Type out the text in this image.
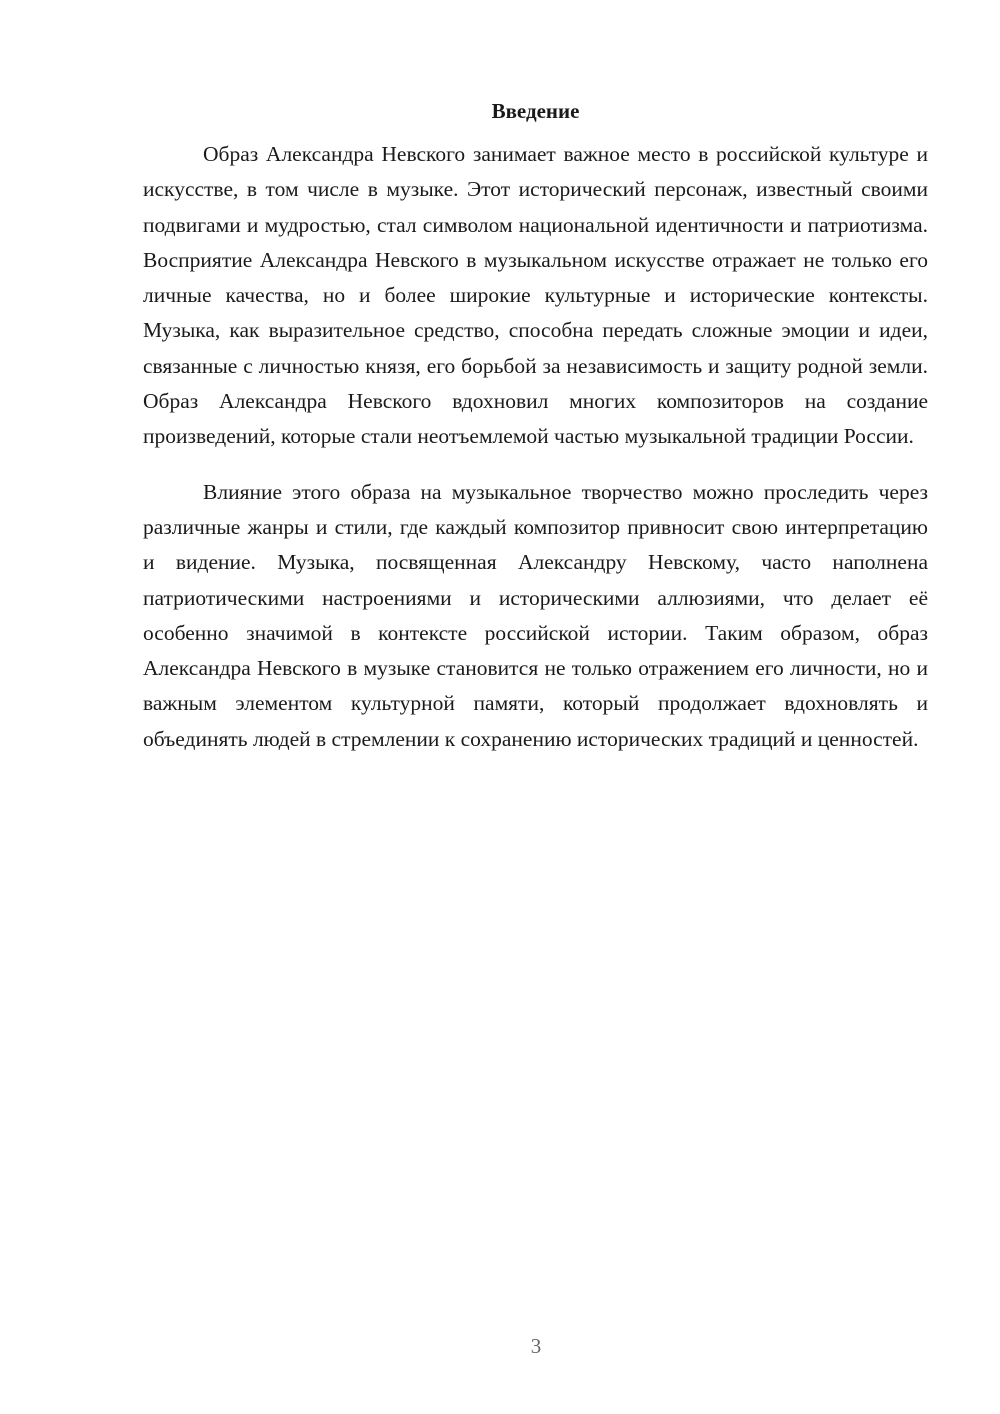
Введение

Образ Александра Невского занимает важное место в российской культуре и искусстве, в том числе в музыке. Этот исторический персонаж, известный своими подвигами и мудростью, стал символом национальной идентичности и патриотизма. Восприятие Александра Невского в музыкальном искусстве отражает не только его личные качества, но и более широкие культурные и исторические контексты. Музыка, как выразительное средство, способна передать сложные эмоции и идеи, связанные с личностью князя, его борьбой за независимость и защиту родной земли. Образ Александра Невского вдохновил многих композиторов на создание произведений, которые стали неотъемлемой частью музыкальной традиции России.

Влияние этого образа на музыкальное творчество можно проследить через различные жанры и стили, где каждый композитор привносит свою интерпретацию и видение. Музыка, посвященная Александру Невскому, часто наполнена патриотическими настроениями и историческими аллюзиями, что делает её особенно значимой в контексте российской истории. Таким образом, образ Александра Невского в музыке становится не только отражением его личности, но и важным элементом культурной памяти, который продолжает вдохновлять и объединять людей в стремлении к сохранению исторических традиций и ценностей.

3
